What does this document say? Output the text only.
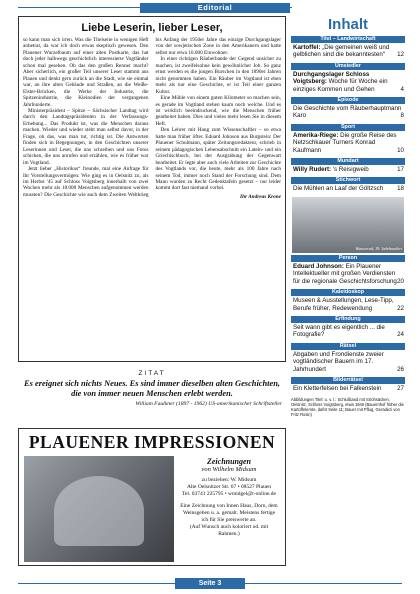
Editorial
Liebe Leserin, lieber Leser,

so kann man sich irren. Was die Titelseite in wenigen Heft anbetrat, da war ich doch etwas skeptisch gewesen. Den Plauener Wurzelbaum auf einer alten Postkarte, das hat doch jeder halbwegs geschichtlich interessierte Vogtländer schon mal gesehen. Ob das den großen Renner macht? Aber sicherlich, ein großer Teil unserer Leser stammt aus Plauen und denkt gern zurück an die Stadt, wie sie einmal war, an ihre alten Gebäude und Straßen, an die Weiße-Elster-Brücken, die Werke der Industrie, die Spitzenindustrie, die Kleinodien der vergangenen Jahrhunderte.

Ministerpräsident – Spitze – Sächsischer Landtag wird durch den Landtagspräsidenten in der Verfassungs-Erhebung... Das Produkt ist, was die Menschen daraus machen. Wieder und wieder steht man selbst davor, in der Frage, ob das, was man tut, richtig ist. Die Antworten finden sich in Begegnungen, in den Geschichten unserer Leserinnen und Leser, die uns schreiben und uns Fotos schicken, die uns anrufen und erzählen, wie es früher war im Vogtland.

Jetzt lieber „Historikus“ freunde, mal eine Anfrage für Ihr Vorstellungsvermögen: Wie ging es in Oelsnitz zu, als im Herbst '45 auf Schloss Voigtsberg innerhalb von zwei Wochen mehr als 18.000 Menschen aufgenommen werden mussten? Die Geschichte wie auch dem Zweiten Weltkrieg bis Anfang der 1950er Jahre das einzige Durchgangslager von der sowjetischen Zone in den Amerikanern und hatte selbst nur etwa 16.000 Einwohner.

In einer richtigen Räuberbande der Gegend unsicher zu machen, ist zweifelsohne kein gewöhnlicher Job. So ganz ernst werden es die jungen Burschen in den 1890er Jahren nicht genommen haben. Ein Räuber im Vogtland ist eben mehr als nur eine Geschichte, er ist Teil einer ganzen Kultur.

Eine Mühle von einem guten Kilometer so machen sein, es gerade im Vogtland stehen kaum noch welche. Und es ist wirklich beeindruckend, wie die Menschen früher gearbeitet haben. Dies und vieles mehr lesen Sie in diesem Heft.

Den Lehrer mit Hang zum Wissenschaftler – so etwa hatte man früher öfter. Eduard Johnson aus Burgstein: Der Plauener Schulmann, später Zeitungsredakteur, schrieb in seinem pädagogischen Lebensabschnitt ein Latein- und ein Griechischbuch, bei der Ausgrabung der Gegenwart bearbeitet. Er legte aber auch viele Arbeiten zur Geschichte des Vogtlands vor, die heute, mehr als 100 Jahre nach seinem Tod, immer noch Stand der Forschung sind. Dem Mann wurden zu Recht Gedenktafeln gesetzt – nur leider kommt dort fast niemand vorbei.

Ihr Andreas Krone
ZITAT
Es ereignet sich nichts Neues. Es sind immer dieselben alten Geschichten, die von immer neuen Menschen erlebt werden.
William Faulkner (1897 - 1962) US-amerikanischer Schriftsteller
PLAUENER IMPRESSIONEN
Zeichnungen
von Wilhelm Midsum
zu beziehen: W. Midsum
Alte Oelsnitzer Str. 67 • 08527 Plauen
Tel. 03741 225795 • wmidgel@t-online.de
Eine Zeichnung von Innen Haus, Dorn, dem Weinsgeben u. a. gemalt. Meistens fertige ich für Sie preiswerte an.
(Auf Wunsch auch koloriert od. mit Rahmen.)
Seite 3
Inhalt
Titel – Landwirtschaft
Kartoffel: „Die gemeinen weiß und gelblichen sind die bekanntesten“ 12
Umsiedler
Durchgangslager Schloss Voigtsberg: Woche für Woche ein einziges Kommen und Gehen	4
Episode
Die Geschichte vom Räuberhauptmann Karo	8
Sport
Amerika-Riege: Die große Reise des Netzschkauer Turners Konrad Kaufmann	10
Mundart
Willy Rudert: 's Reisigweib	17
Stichwort
Die Mühlen an Laaf der Göltzsch 18
Wasserrad, 19. Jahrhundert
Person
Eduard Johnson: Ein Plauener Intellektueller mit großen Verdiensten für die regionale Geschichtsforschung 20
Kaleidoskop
Museen & Ausstellungen, Lese-Tipp, Berufe früher, Redewendung	22
Erfindung
Seit wann gibt es eigentlich ... die Fotografie?	24
Rätsel
Abgaben und Frondienste zweier vogtländischer Bauern im 17. Jahrhundert	26
Bilderrätsel
Ein Kletterfelsen bei Falkenstein	27
Abbildungen Titel: u. v. l.: Schlußtand mit Strohsäcken, Oelsnitz, Schloss Voigtsberg, etwa 1946 (Bauernhof früher die Kartoffelernte, dafür Seite 11; Bauer mit Pflug, Geradezi von Fritz Rosin)
